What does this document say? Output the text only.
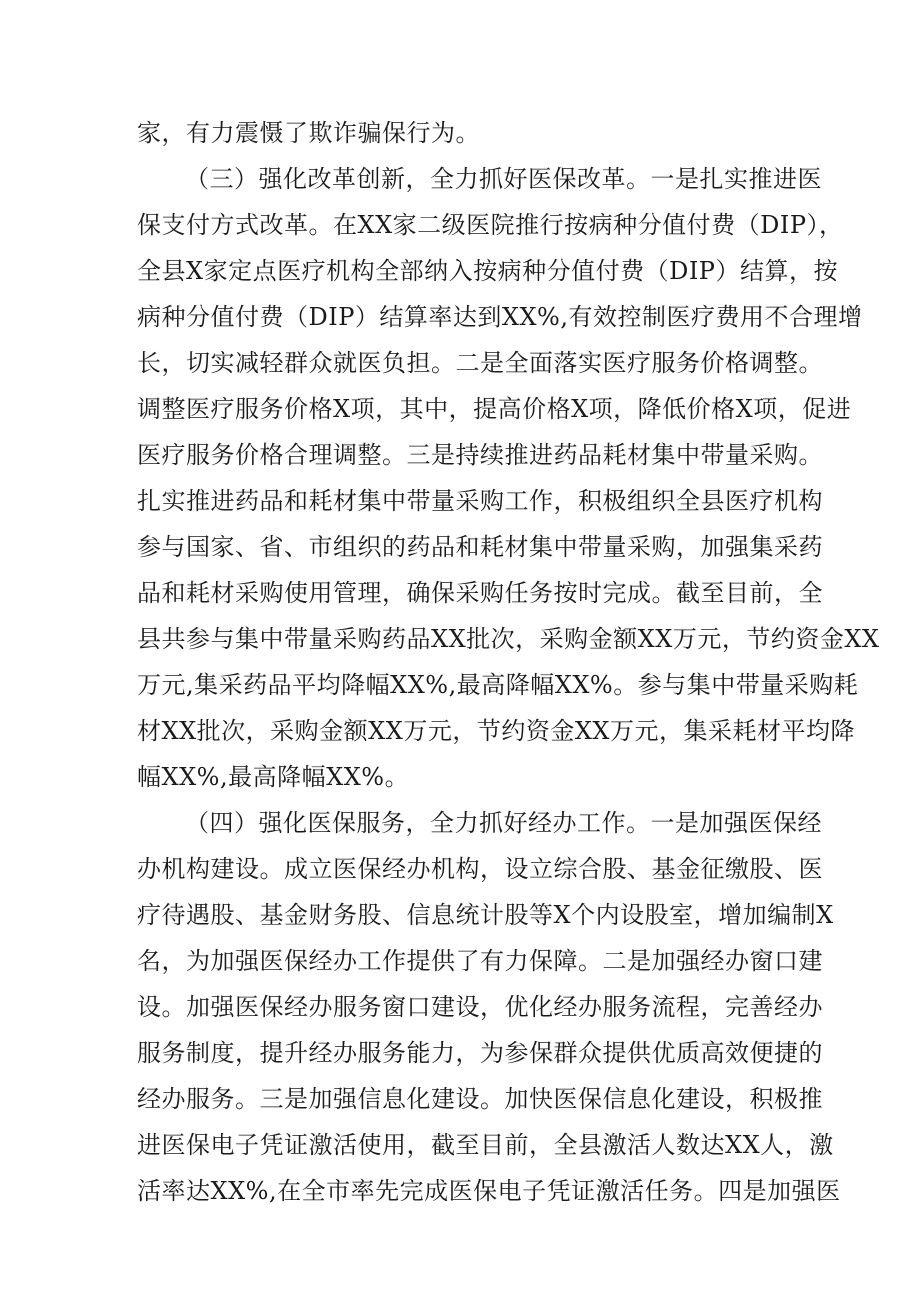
家，有力震慑了欺诈骗保行为。

（三）强化改革创新，全力抓好医保改革。一是扎实推进医

保支付方式改革。在XX家二级医院推行按病种分值付费（DIP），

全县X家定点医疗机构全部纳入按病种分值付费（DIP）结算，按

病种分值付费（DIP）结算率达到XX%,有效控制医疗费用不合理增

长，切实减轻群众就医负担。二是全面落实医疗服务价格调整。

调整医疗服务价格X项，其中，提高价格X项，降低价格X项，促进

医疗服务价格合理调整。三是持续推进药品耗材集中带量采购。

扎实推进药品和耗材集中带量采购工作，积极组织全县医疗机构

参与国家、省、市组织的药品和耗材集中带量采购，加强集采药

品和耗材采购使用管理，确保采购任务按时完成。截至目前，全

县共参与集中带量采购药品XX批次，采购金额XX万元，节约资金XX

万元,集采药品平均降幅XX%,最高降幅XX%。参与集中带量采购耗

材XX批次，采购金额XX万元，节约资金XX万元，集采耗材平均降

幅XX%,最高降幅XX%。

（四）强化医保服务，全力抓好经办工作。一是加强医保经

办机构建设。成立医保经办机构，设立综合股、基金征缴股、医

疗待遇股、基金财务股、信息统计股等X个内设股室，增加编制X

名，为加强医保经办工作提供了有力保障。二是加强经办窗口建

设。加强医保经办服务窗口建设，优化经办服务流程，完善经办

服务制度，提升经办服务能力，为参保群众提供优质高效便捷的

经办服务。三是加强信息化建设。加快医保信息化建设，积极推

进医保电子凭证激活使用，截至目前，全县激活人数达XX人，激

活率达XX%,在全市率先完成医保电子凭证激活任务。四是加强医
